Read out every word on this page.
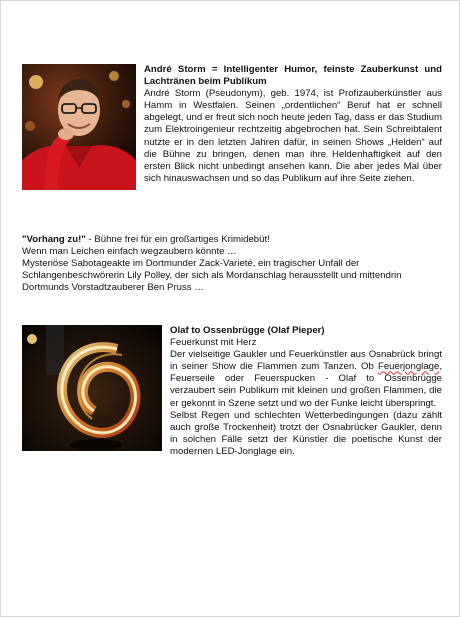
André Storm = Intelligenter Humor, feinste Zauberkunst und Lachtränen beim Publikum
André Storm (Pseudonym), geb. 1974, ist Profizauberkünstler aus Hamm in Westfalen. Seinen „ordentlichen“ Beruf hat er schnell abgelegt, und er freut sich noch heute jeden Tag, dass er das Studium zum Elektroingenieur rechtzeitig abgebrochen hat. Sein Schreibtalent nutzte er in den letzten Jahren dafür, in seinen Shows „Helden“ auf die Bühne zu bringen, denen man ihre Heldenhaftigkeit auf den ersten Blick nicht unbedingt ansehen kann. Die aber jedes Mal über sich hinauswachsen und so das Publikum auf ihre Seite ziehen.

"Vorhang zu!" - Bühne frei für ein großartiges Krimidebüt!
Wenn man Leichen einfach wegzaubern könnte …
Mysteriöse Sabotageakte im Dortmunder Zack-Varieté, ein tragischer Unfall der Schlangenbeschwörerin Lily Polley, der sich als Mordanschlag herausstellt und mittendrin Dortmunds Vorstadtzauberer Ben Pruss …

Olaf to Ossenbrügge (Olaf Pieper)
Feuerkunst mit Herz
Der vielseitige Gaukler und Feuerkünstler aus Osnabrück bringt in seiner Show die Flammen zum Tanzen. Ob Feuerjonglage, Feuerseile oder Feuerspucken - Olaf to Ossenbrügge verzaubert sein Publikum mit kleinen und großen Flammen, die er gekonnt in Szene setzt und wo der Funke leicht überspringt.
Selbst Regen und schlechten Wetterbedingungen (dazu zählt auch große Trockenheit) trotzt der Osnabrücker Gaukler, denn in solchen Fälle setzt der Künstler die poetische Kunst der modernen LED-Jonglage ein.
